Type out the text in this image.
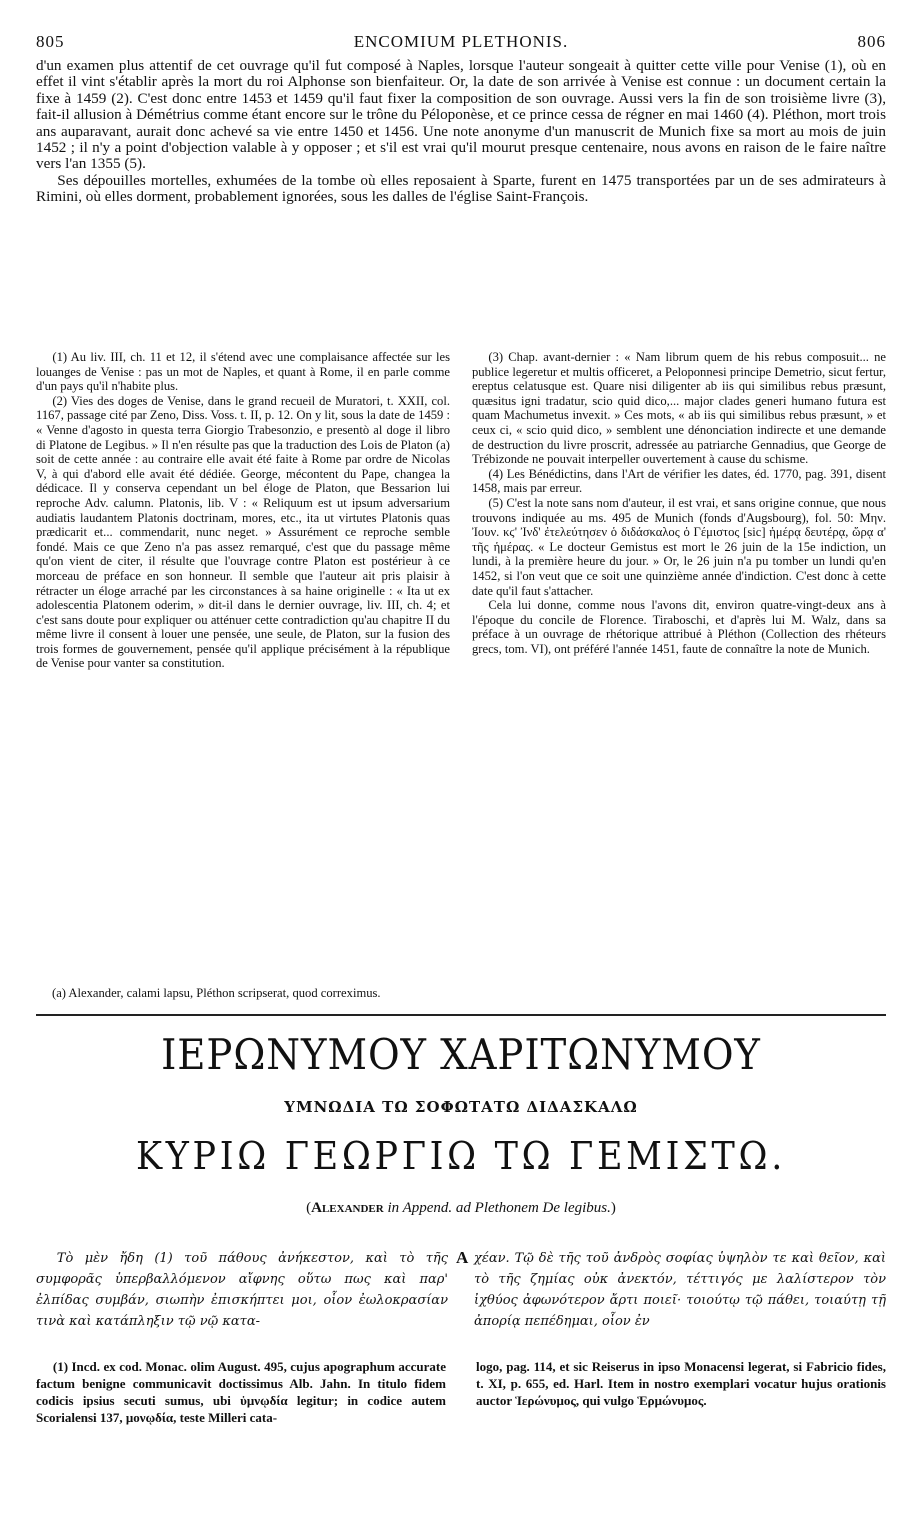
805	ENCOMIUM PLETHONIS.	806

d'un examen plus attentif de cet ouvrage qu'il fut composé à Naples, lorsque l'auteur songeait à quitter cette ville pour Venise (1), où en effet il vint s'établir après la mort du roi Alphonse son bienfaiteur. Or, la date de son arrivée à Venise est connue : un document certain la fixe à 1459 (2). C'est donc entre 1453 et 1459 qu'il faut fixer la composition de son ouvrage. Aussi vers la fin de son troisième livre (3), fait-il allusion à Démétrius comme étant encore sur le trône du Péloponèse, et ce prince cessa de régner en mai 1460 (4). Pléthon, mort trois ans auparavant, aurait donc achevé sa vie entre 1450 et 1456. Une note anonyme d'un manuscrit de Munich fixe sa mort au mois de juin 1452 ; il n'y a point d'objection valable à y opposer ; et s'il est vrai qu'il mourut presque centenaire, nous avons en raison de le faire naître vers l'an 1355 (5).

Ses dépouilles mortelles, exhumées de la tombe où elles reposaient à Sparte, furent en 1475 transportées par un de ses admirateurs à Rimini, où elles dorment, probablement ignorées, sous les dalles de l'église Saint-François.

(1) Au liv. III, ch. 11 et 12, il s'étend avec une complaisance affectée sur les louanges de Venise : pas un mot de Naples, et quant à Rome, il en parle comme d'un pays qu'il n'habite plus.

(2) Vies des doges de Venise, dans le grand recueil de Muratori, t. XXII, col. 1167, passage cité par Zeno, Diss. Voss. t. II, p. 12. On y lit, sous la date de 1459 : « Venne d'agosto in questa terra Giorgio Trabesonzio, e presentò al doge il libro di Platone de Legibus. » Il n'en résulte pas que la traduction des Lois de Platon (a) soit de cette année : au contraire elle avait été faite à Rome par ordre de Nicolas V, à qui d'abord elle avait été dédiée. George, mécontent du Pape, changea la dédicace. Il y conserva cependant un bel éloge de Platon, que Bessarion lui reproche Adv. calumn. Platonis, lib. V : « Reliquum est ut ipsum adversarium audiatis laudantem Platonis doctrinam, mores, etc., ita ut virtutes Platonis quas prædicarit et... commendarit, nunc neget. » Assurément ce reproche semble fondé. Mais ce que Zeno n'a pas assez remarqué, c'est que du passage même qu'on vient de citer, il résulte que l'ouvrage contre Platon est postérieur à ce morceau de préface en son honneur. Il semble que l'auteur ait pris plaisir à rétracter un éloge arraché par les circonstances à sa haine originelle : « Ita ut ex adolescentia Platonem oderim, » dit-il dans le dernier ouvrage, liv. III, ch. 4; et c'est sans doute pour expliquer ou atténuer cette contradiction qu'au chapitre II du même livre il consent à louer une pensée, une seule, de Platon, sur la fusion des trois formes de gouvernement, pensée qu'il applique précisément à la république de Venise pour vanter sa constitution.

(3) Chap. avant-dernier : « Nam librum quem de his rebus composuit... ne publice legeretur et multis officeret, a Peloponnesi principe Demetrio, sicut fertur, ereptus celatusque est. Quare nisi diligenter ab iis qui similibus rebus præsunt, quæsitus igni tradatur, scio quid dico,... major clades generi humano futura est quam Machumetus invexit. » Ces mots, « ab iis qui similibus rebus præsunt, » et ceux ci, « scio quid dico, » semblent une dénonciation indirecte et une demande de destruction du livre proscrit, adressée au patriarche Gennadius, que George de Trébizonde ne pouvait interpeller ouvertement à cause du schisme.

(4) Les Bénédictins, dans l'Art de vérifier les dates, éd. 1770, pag. 391, disent 1458, mais par erreur.

(5) C'est la note sans nom d'auteur, il est vrai, et sans origine connue, que nous trouvons indiquée au ms. 495 de Munich (fonds d'Augsbourg), fol. 50: Μην. Ἰουν. κϛ' Ἰνδ' ἐτελεύτησεν ὁ διδάσκαλος ὁ Γέμιστος [sic] ἡμέρᾳ δευτέρᾳ, ὥρᾳ α' τῆς ἡμέρας. « Le docteur Gemistus est mort le 26 juin de la 15e indiction, un lundi, à la première heure du jour. » Or, le 26 juin n'a pu tomber un lundi qu'en 1452, si l'on veut que ce soit une quinzième année d'indiction. C'est donc à cette date qu'il faut s'attacher.

Cela lui donne, comme nous l'avons dit, environ quatre-vingt-deux ans à l'époque du concile de Florence. Tiraboschi, et d'après lui M. Walz, dans sa préface à un ouvrage de rhétorique attribué à Pléthon (Collection des rhéteurs grecs, tom. VI), ont préféré l'année 1451, faute de connaître la note de Munich.

(a) Alexander, calami lapsu, Pléthon scripserat, quod correximus.
ΙΕΡΩΝΥΜΟΥ ΧΑΡΙΤΩΝΥΜΟΥ
ΥΜΝΩΔΙΑ ΤΩ ΣΟΦΩΤΑΤΩ ΔΙΔΑΣΚΑΛΩ
ΚΥΡΙΩ ΓΕΩΡΓΙΩ ΤΩ ΓΕΜΙΣΤΩ.
(Alexander in Append. ad Plethonem De legibus.)
Τὸ μὲν ἤδη (1) τοῦ πάθους ἀνήκεστον, καὶ τὸ τῆς συμφορᾶς ὑπερβαλλόμενον αἴφνης οὕτω πως καὶ παρ' ἐλπίδας συμβάν, σιωπὴν ἐπισκήπτει μοι, οἷον ἐωλοκρασίαν τινὰ καὶ κατάπληξιν τῷ νῷ κατα-
A χέαν. Τῷ δὲ τῆς τοῦ ἀνδρὸς σοφίας ὑψηλὸν τε καὶ θεῖον, καὶ τὸ τῆς ζημίας οὐκ ἀνεκτόν, τέττιγός με λαλίστερον τὸν ἰχθύος ἀφωνότερον ἄρτι ποιεῖ· τοιούτῳ τῷ πάθει, τοιαύτῃ τῇ ἀπορίᾳ πεπέδημαι, οἷον ἐν
(1) Incd. ex cod. Monac. olim August. 495, cujus apographum accurate factum benigne communicavit doctissimus Alb. Jahn. In titulo fidem codicis ipsius secuti sumus, ubi ὑμνῳδία legitur; in codice autem Scorialensi 137, μονῳδία, teste Milleri cata-
logo, pag. 114, et sic Reiserus in ipso Monacensi legerat, si Fabricio fides, t. XI, p. 655, ed. Harl. Item in nostro exemplari vocatur hujus orationis auctor Ἱερώνυμος, qui vulgo Ἑρμώνυμος.
